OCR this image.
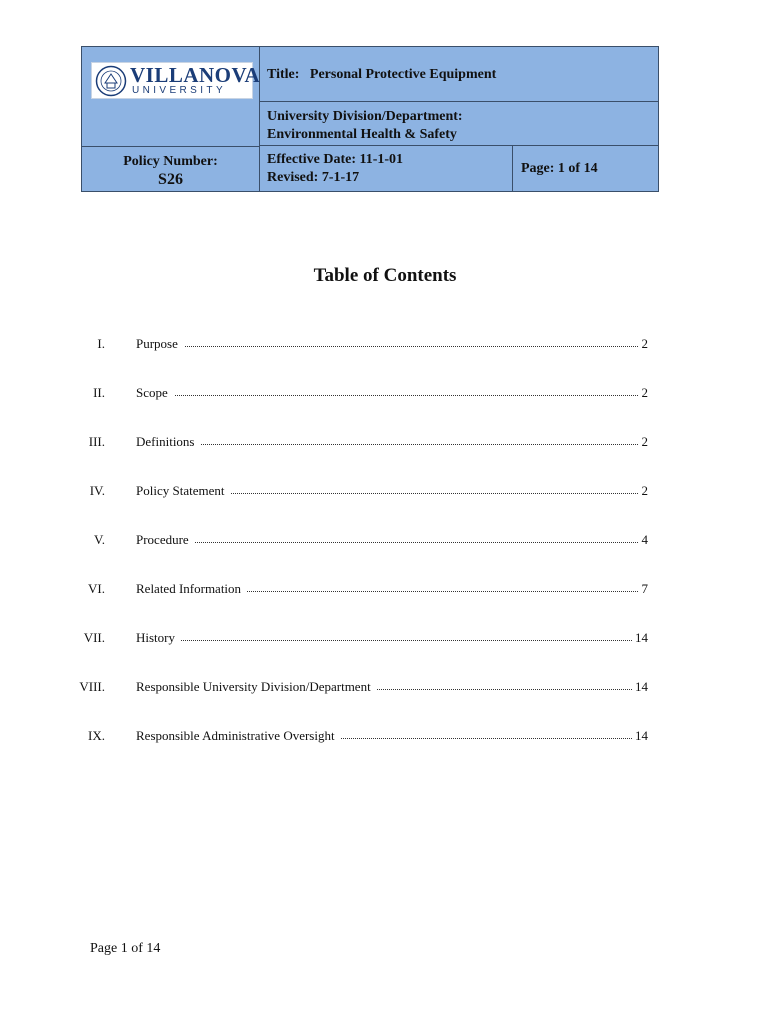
VILLANOVA
UNIVERSITY
Title: Personal Protective Equipment
University Division/Department:
Environmental Health & Safety
Policy Number:
S26
Effective Date: 11-1-01
Revised: 7-1-17
Page: 1 of 14
Table of Contents
I. Purpose	2
II. Scope	2
III. Definitions	2
IV. Policy Statement	2
V. Procedure	4
VI. Related Information	7
VII. History	14
VIII. Responsible University Division/Department	14
IX. Responsible Administrative Oversight	14
Page 1 of 14
